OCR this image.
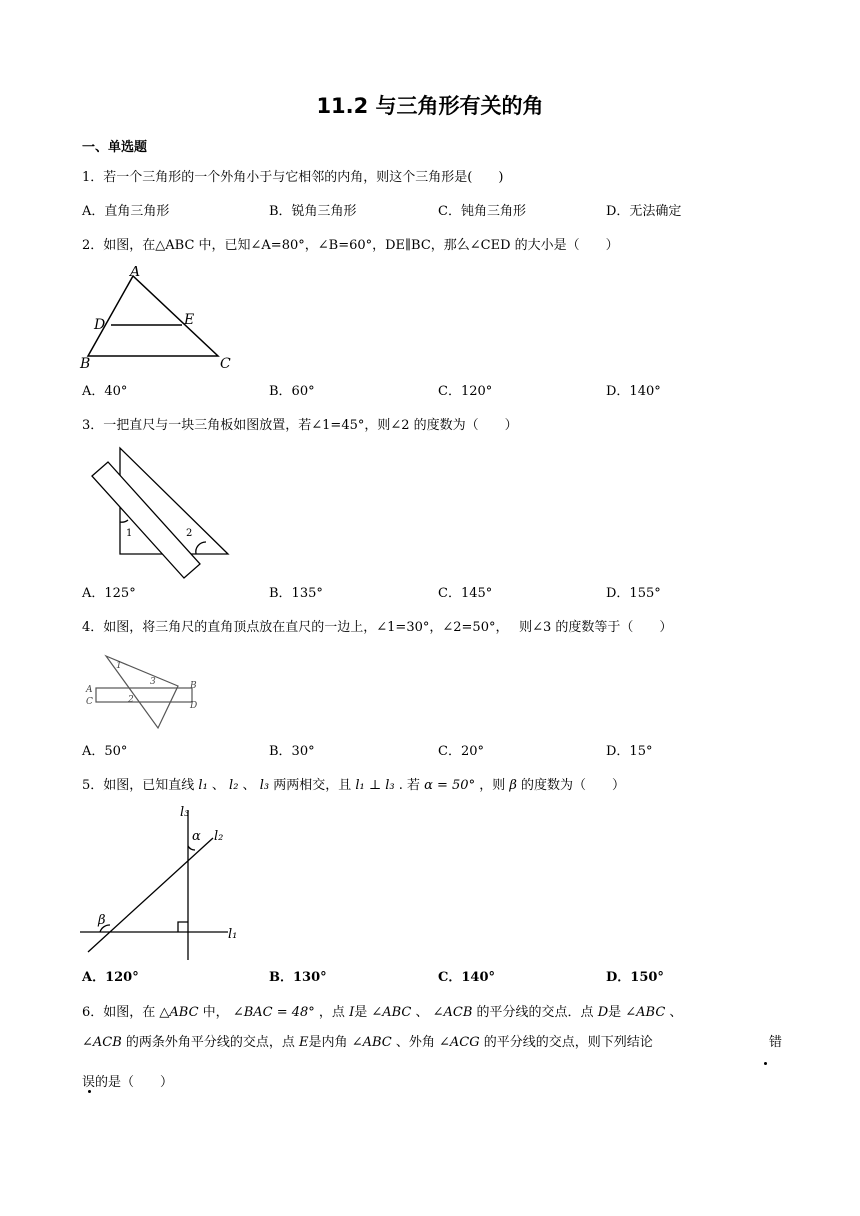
11.2 与三角形有关的角
一、单选题
1．若一个三角形的一个外角小于与它相邻的内角，则这个三角形是(　　)
A．直角三角形	B．锐角三角形	C．钝角三角形	D．无法确定
2．如图，在△ABC 中，已知∠A=80°，∠B=60°，DE∥BC，那么∠CED 的大小是（　　）
A
D	E
B	C
A．40°	B．60°	C．120°	D．140°
3．一把直尺与一块三角板如图放置，若∠1=45°，则∠2 的度数为（　　）
1	2
A．125°	B．135°	C．145°	D．155°
4．如图，将三角尺的直角顶点放在直尺的一边上，∠1=30°，∠2=50°，　 则∠3 的度数等于（　　）
A
C
B
D
1
2
3
A．50°	B．30°	C．20°	D．15°
5．如图，已知直线 l₁ 、 l₂ 、 l₃ 两两相交，且 l₁ ⊥ l₃ . 若 α = 50° ，则 β 的度数为（　　）
l₃
l₂
l₁
α
β
A．120°	B．130°	C．140°	D．150°
6．如图，在 △ABC 中， ∠BAC = 48° ，点 I是 ∠ABC 、 ∠ACB 的平分线的交点．点 D是 ∠ABC 、
∠ACB 的两条外角平分线的交点，点 E是内角 ∠ABC 、外角 ∠ACG 的平分线的交点，则下列结论	错
误的是（　　）
